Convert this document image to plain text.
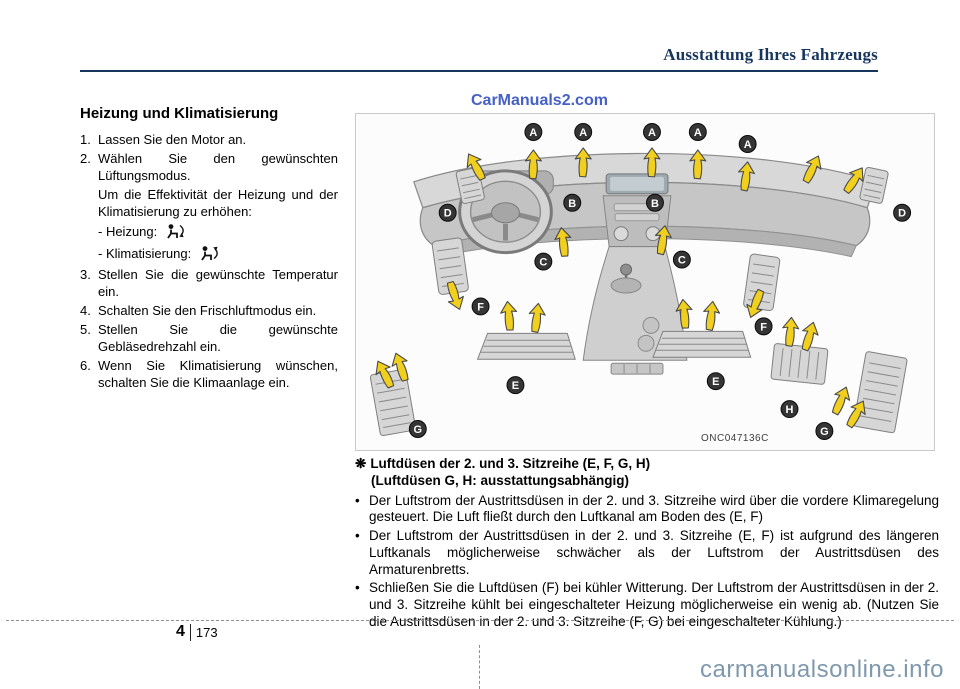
Ausstattung Ihres Fahrzeugs
CarManuals2.com
Heizung und Klimatisierung
1. Lassen Sie den Motor an.
2. Wählen Sie den gewünschten Lüftungsmodus.
Um die Effektivität der Heizung und der Klimatisierung zu erhöhen:
- Heizung:
- Klimatisierung:
3. Stellen Sie die gewünschte Temperatur ein.
4. Schalten Sie den Frischluftmodus ein.
5. Stellen Sie die gewünschte Gebläsedrehzahl ein.
6. Wenn Sie Klimatisierung wünschen, schalten Sie die Klimaanlage ein.
A	A	A	A
A
B	B
C	C
D	D
E	E
F
F
G	G
H
ONC047136C
❋ Luftdüsen der 2. und 3. Sitzreihe (E, F, G, H)
(Luftdüsen G, H: ausstattungsabhängig)
• Der Luftstrom der Austrittsdüsen in der 2. und 3. Sitzreihe wird über die vordere Klimaregelung gesteuert. Die Luft fließt durch den Luftkanal am Boden des (E, F)
• Der Luftstrom der Austrittsdüsen in der 2. und 3. Sitzreihe (E, F) ist aufgrund des längeren Luftkanals möglicherweise schwächer als der Luftstrom der Austrittsdüsen des Armaturenbretts.
• Schließen Sie die Luftdüsen (F) bei kühler Witterung. Der Luftstrom der Austrittsdüsen in der 2. und 3. Sitzreihe kühlt bei eingeschalteter Heizung möglicherweise ein wenig ab. (Nutzen Sie die Austrittsdüsen in der 2. und 3. Sitzreihe (F, G) bei eingeschalteter Kühlung.)
4 173
carmanualsonline.info
